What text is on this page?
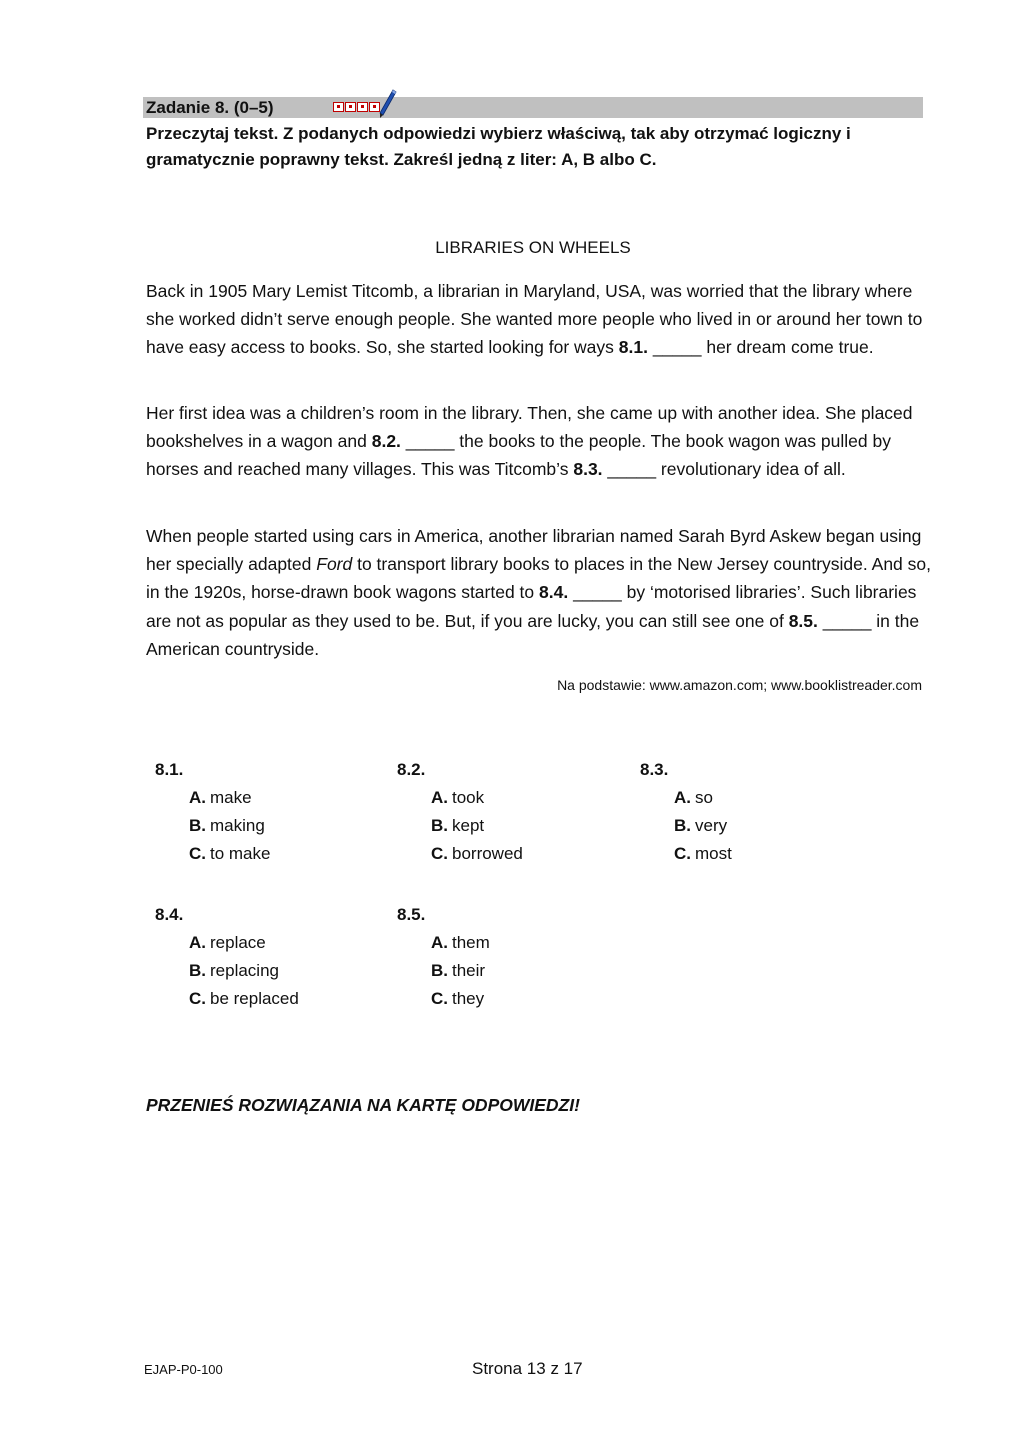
Zadanie 8. (0–5)
Przeczytaj tekst. Z podanych odpowiedzi wybierz właściwą, tak aby otrzymać logiczny i gramatycznie poprawny tekst. Zakreśl jedną z liter: A, B albo C.
LIBRARIES ON WHEELS
Back in 1905 Mary Lemist Titcomb, a librarian in Maryland, USA, was worried that the library where she worked didn’t serve enough people. She wanted more people who lived in or around her town to have easy access to books. So, she started looking for ways 8.1. _____ her dream come true.
Her first idea was a children’s room in the library. Then, she came up with another idea. She placed bookshelves in a wagon and 8.2. _____ the books to the people. The book wagon was pulled by horses and reached many villages. This was Titcomb’s 8.3. _____ revolutionary idea of all.
When people started using cars in America, another librarian named Sarah Byrd Askew began using her specially adapted Ford to transport library books to places in the New Jersey countryside. And so, in the 1920s, horse-drawn book wagons started to 8.4. _____ by ‘motorised libraries’. Such libraries are not as popular as they used to be. But, if you are lucky, you can still see one of 8.5. _____ in the American countryside.
Na podstawie: www.amazon.com; www.booklistreader.com
8.1.
A. make
B. making
C. to make
8.2.
A. took
B. kept
C. borrowed
8.3.
A. so
B. very
C. most
8.4.
A. replace
B. replacing
C. be replaced
8.5.
A. them
B. their
C. they
PRZENIEŚ ROZWIĄZANIA NA KARTĘ ODPOWIEDZI!
EJAP-P0-100	Strona 13 z 17
